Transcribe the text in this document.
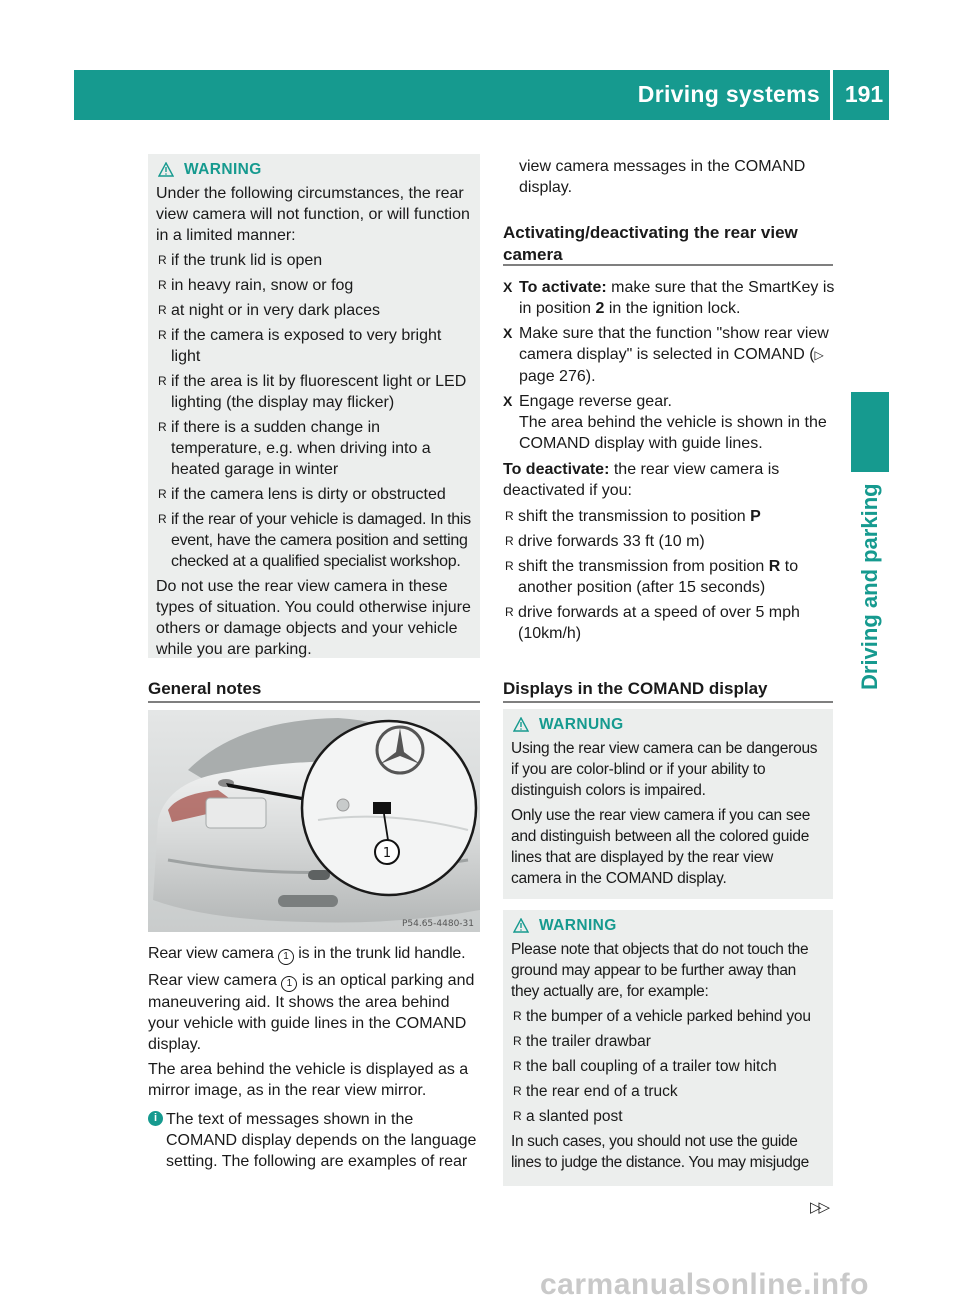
Driving systems 191
Driving and parking
WARNING

Under the following circumstances, the rear view camera will not function, or will function in a limited manner:

R if the trunk lid is open
R in heavy rain, snow or fog
R at night or in very dark places
R if the camera is exposed to very bright light
R if the area is lit by fluorescent light or LED lighting (the display may flicker)
R if there is a sudden change in temperature, e.g. when driving into a heated garage in winter
R if the camera lens is dirty or obstructed
R if the rear of your vehicle is damaged. In this event, have the camera position and setting checked at a qualified specialist workshop.

Do not use the rear view camera in these types of situation. You could otherwise injure others or damage objects and your vehicle while you are parking.

General notes
1
P54.65-4480-31

Rear view camera 1 is in the trunk lid handle.

Rear view camera 1 is an optical parking and maneuvering aid. It shows the area behind your vehicle with guide lines in the COMAND display.

The area behind the vehicle is displayed as a mirror image, as in the rear view mirror.

i The text of messages shown in the COMAND display depends on the language setting. The following are examples of rear

view camera messages in the COMAND display.

Activating/deactivating the rear view camera
X To activate: make sure that the SmartKey is in position 2 in the ignition lock.
X Make sure that the function "show rear view camera display" is selected in COMAND (▷ page 276).
X Engage reverse gear.
The area behind the vehicle is shown in the COMAND display with guide lines.

To deactivate: the rear view camera is deactivated if you:

R shift the transmission to position P
R drive forwards 33 ft (10 m)
R shift the transmission from position R to another position (after 15 seconds)
R drive forwards at a speed of over 5 mph (10km/h)
Displays in the COMAND display
WARNUNG

Using the rear view camera can be dangerous if you are color-blind or if your ability to distinguish colors is impaired.

Only use the rear view camera if you can see and distinguish between all the colored guide lines that are displayed by the rear view camera in the COMAND display.

WARNING

Please note that objects that do not touch the ground may appear to be further away than they actually are, for example:

R the bumper of a vehicle parked behind you
R the trailer drawbar
R the ball coupling of a trailer tow hitch
R the rear end of a truck
R a slanted post

In such cases, you should not use the guide lines to judge the distance. You may misjudge

▷▷
carmanualsonline.info
